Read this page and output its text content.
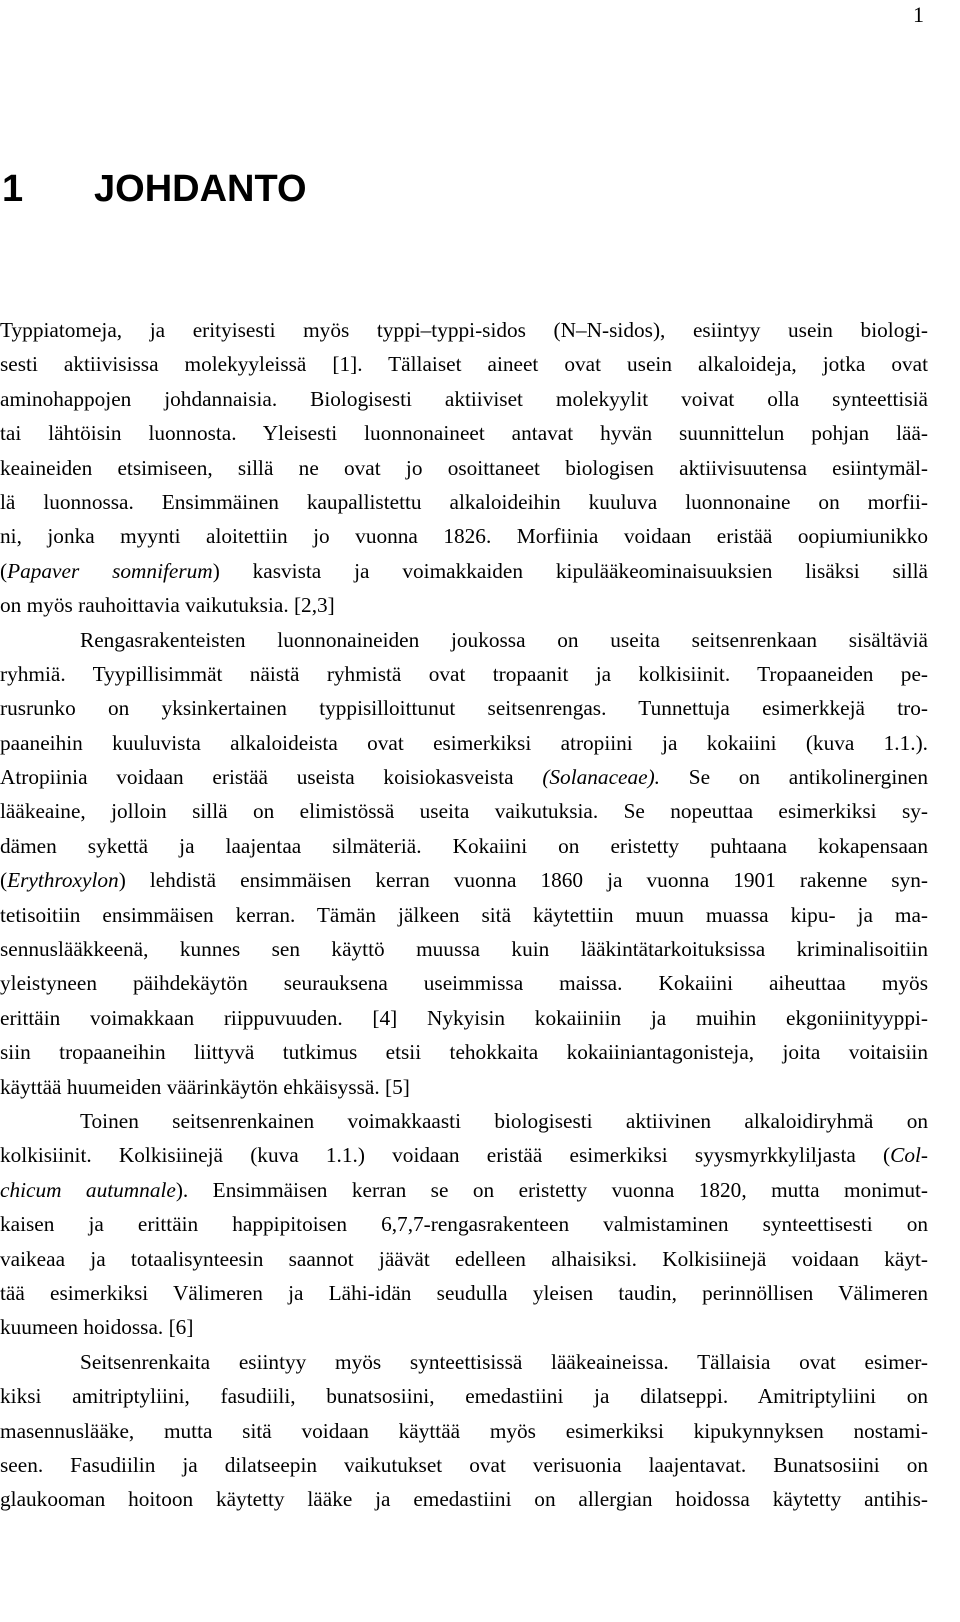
1
1 JOHDANTO
Typpiatomeja, ja erityisesti myös typpi–typpi-sidos (N–N-sidos), esiintyy usein biologi-
sesti aktiivisissa molekyyleissä [1]. Tällaiset aineet ovat usein alkaloideja, jotka ovat
aminohappojen johdannaisia. Biologisesti aktiiviset molekyylit voivat olla synteettisiä
tai lähtöisin luonnosta. Yleisesti luonnonaineet antavat hyvän suunnittelun pohjan lää-
keaineiden etsimiseen, sillä ne ovat jo osoittaneet biologisen aktiivisuutensa esiintymäl-
lä luonnossa. Ensimmäinen kaupallistettu alkaloideihin kuuluva luonnonaine on morfii-
ni, jonka myynti aloitettiin jo vuonna 1826. Morfiinia voidaan eristää oopiumiunikko
(Papaver somniferum) kasvista ja voimakkaiden kipulääkeominaisuuksien lisäksi sillä
on myös rauhoittavia vaikutuksia. [2,3]
Rengasrakenteisten luonnonaineiden joukossa on useita seitsenrenkaan sisältäviä
ryhmiä. Tyypillisimmät näistä ryhmistä ovat tropaanit ja kolkisiinit. Tropaaneiden pe-
rusrunko on yksinkertainen typpisilloittunut seitsenrengas. Tunnettuja esimerkkejä tro-
paaneihin kuuluvista alkaloideista ovat esimerkiksi atropiini ja kokaiini (kuva 1.1.).
Atropiinia voidaan eristää useista koisiokasveista (Solanaceae). Se on antikolinerginen
lääkeaine, jolloin sillä on elimistössä useita vaikutuksia. Se nopeuttaa esimerkiksi sy-
dämen sykettä ja laajentaa silmäteriä. Kokaiini on eristetty puhtaana kokapensaan
(Erythroxylon) lehdistä ensimmäisen kerran vuonna 1860 ja vuonna 1901 rakenne syn-
tetisoitiin ensimmäisen kerran. Tämän jälkeen sitä käytettiin muun muassa kipu- ja ma-
sennuslääkkeenä, kunnes sen käyttö muussa kuin lääkintätarkoituksissa kriminalisoitiin
yleistyneen päihdekäytön seurauksena useimmissa maissa. Kokaiini aiheuttaa myös
erittäin voimakkaan riippuvuuden. [4] Nykyisin kokaiiniin ja muihin ekgoniinityyppi-
siin tropaaneihin liittyvä tutkimus etsii tehokkaita kokaiiniantagonisteja, joita voitaisiin
käyttää huumeiden väärinkäytön ehkäisyssä. [5]
Toinen seitsenrenkainen voimakkaasti biologisesti aktiivinen alkaloidiryhmä on
kolkisiinit. Kolkisiinejä (kuva 1.1.) voidaan eristää esimerkiksi syysmyrkkyliljasta (Col-
chicum autumnale). Ensimmäisen kerran se on eristetty vuonna 1820, mutta monimut-
kaisen ja erittäin happipitoisen 6,7,7-rengasrakenteen valmistaminen synteettisesti on
vaikeaa ja totaalisynteesin saannot jäävät edelleen alhaisiksi. Kolkisiinejä voidaan käyt-
tää esimerkiksi Välimeren ja Lähi-idän seudulla yleisen taudin, perinnöllisen Välimeren
kuumeen hoidossa. [6]
Seitsenrenkaita esiintyy myös synteettisissä lääkeaineissa. Tällaisia ovat esimer-
kiksi amitriptyliini, fasudiili, bunatsosiini, emedastiini ja dilatseppi. Amitriptyliini on
masennuslääke, mutta sitä voidaan käyttää myös esimerkiksi kipukynnyksen nostami-
seen. Fasudiilin ja dilatseepin vaikutukset ovat verisuonia laajentavat. Bunatsosiini on
glaukooman hoitoon käytetty lääke ja emedastiini on allergian hoidossa käytetty antihis-
